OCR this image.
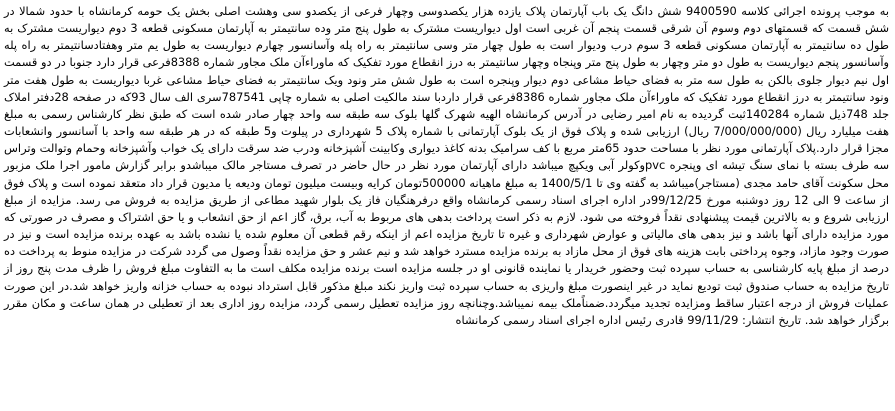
به موجب پرونده اجرائی کلاسه 9400590 شش دانگ یک باب آپارتمان پلاک یازده هزار یکصدوسی وچهار فرعی از یکصدو سی وهشت اصلی بخش یک حومه کرمانشاه با حدود شمالا در شش قسمت که قسمتهای دوم وسوم آن شرقی قسمت پنجم آن غربی است اول دیواریست مشترک به طول پنج متر وده سانتیمتر به آپارتمان مسکونی قطعه 3 دوم دیواریست مشترک به طول ده سانتیمتر به آپارتمان مسکونی قطعه 3 سوم درب وديوار است به طول چهار متر وسی سانتیمتر به راه پله وآسانسور چهارم دیواریست به طول یم متر وهفتادسانتیمتر به راه پله وآسانسور پنجم دیواریست به طول دو متر وچهار به طول پنج متر وپنجاه وچهار سانتیمتر به درز انقطاع مورد تفکیک که ماوراءآن ملک مجاور شماره 8388فرعی قرار دارد جنوبا در دو قسمت اول نیم دیوار جلوی بالکن به طول سه متر به فضای حیاط مشاعی دوم دیوار وپنجره است به طول شش متر ونود ویک سانتیمتر به فضای حیاط مشاعی غربا دیواریست به طول هفت متر ونود سانتیمتر به درز انقطاع مورد تفکیک که ماوراءآن ملک مجاور شماره 8386فرعی قرار داردبا سند مالکیت اصلی به شماره چاپی 787541سری الف سال 93که در صفحه 28دفتر املاک جلد 748ذیل شماره 140284ثبت گردیده به نام امیر رضایی در آدرس کرمانشاه الهیه شهرک گلها بلوک سه طبقه سه واحد چهار صادر شده است که طبق نظر کارشناس رسمی به مبلغ هفت میلیارد ریال (7/000/000/000 ریال) ارزیابی شده و پلاک فوق از یک بلوک آپارتمانی با شماره پلاک 5 شهرداری در پیلوت و5 طبقه که در هر طبقه سه واحد با آسانسور وانشعابات مجزا قرار دارد.پلاک آپارتمانی مورد نظر با مساحت حدود 65متر مربع با کف سرامیک بدنه کاغذ دیواری وکابینت آشپزخانه ودرب ضد سرقت دارای یک خواب وآشپزخانه وحمام وتوالت وتراس سه طرف بسته با نمای سنگ تیشه ای وپنجره pvcوکولر آبی ویکپچ میباشد دارای آپارتمان مورد نظر در حال حاضر در تصرف مستاجر مالک میباشدو برابر گزارش مامور اجرا ملک مزبور محل سکونت آقای حامد مجدی (مستاجر)میباشد به گفته وی تا 1400/5/1 به مبلغ ماهیانه 500000تومان کرایه وبیست میلیون تومان ودیعه یا مدیون قرار داد متعقد نموده است و پلاک فوق از ساعت 9 الی 12 روز دوشنبه مورخ 99/12/25در اداره اجرای اسناد رسمی کرمانشاه واقع درفرهنگیان فاز یک بلوار شهید مطاعی از طریق مزایده به فروش می رسد. مزایده از مبلغ ارزیابی شروع و به بالاترین قیمت پیشنهادی نقداً فروخته می شود. لازم به ذکر است پرداخت بدهی های مربوط به آب، برق، گاز اعم از حق انشعاب و یا حق اشتراک و مصرف در صورتی که مورد مزایده دارای آنها باشد و نیز بدهی های مالیاتی و عوارض شهرداری و غیره تا تاریخ مزایده اعم از اینکه رقم قطعی آن معلوم شده یا نشده باشد به عهده برنده مزایده است و نیز در صورت وجود مازاد، وجوه پرداختی بابت هزینه های فوق از محل مازاد به برنده مزایده مسترد خواهد شد و نیم عشر و حق مزایده نقداً وصول می گردد شرکت در مزایده منوط به پرداخت ده درصد از مبلغ پایه کارشناسی به حساب سپرده ثبت وحضور خریدار یا نماینده قانونی او در جلسه مزایده است برنده مزایده مکلف است ما به التفاوت مبلغ فروش را ظرف مدت پنج روز از تاریخ مزایده به حساب صندوق ثبت تودیع نماید در غیر اینصورت مبلغ واریزی به حساب سپرده ثبت واریز نکند مبلغ مذکور قابل استرداد نبوده به حساب خزانه واریز خواهد شد.در این صورت عملیات فروش از درجه اعتبار ساقط ومزایده تجدید میگردد.ضمناًملک بیمه نمیباشد.وچنانچه روز مزایده تعطیل رسمی گردد، مزایده روز اداری بعد از تعطیلی در همان ساعت و مکان مقرر برگزار خواهد شد. تاریخ انتشار: 99/11/29 قادری رئیس اداره اجرای اسناد رسمی کرمانشاه
